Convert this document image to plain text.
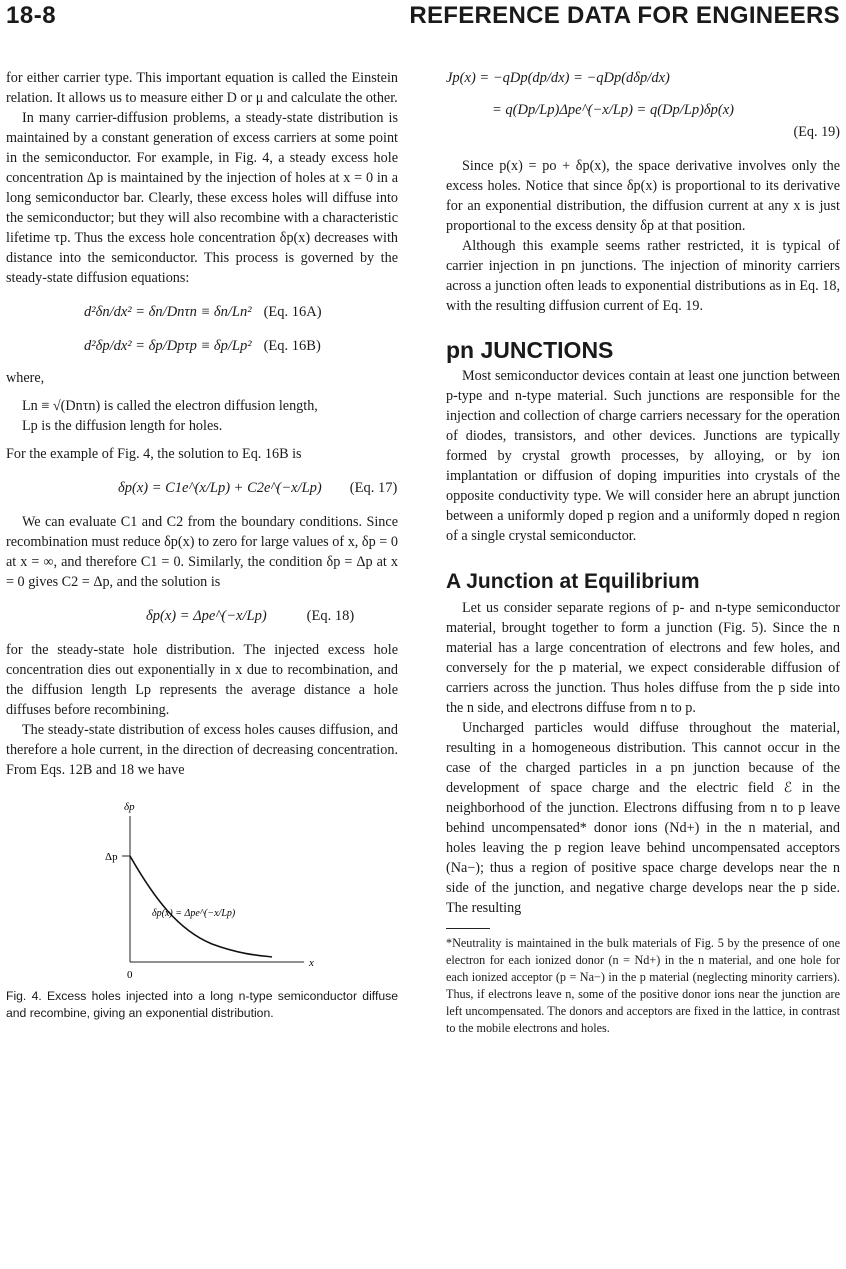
18-8	REFERENCE DATA FOR ENGINEERS

for either carrier type. This important equation is called the Einstein relation. It allows us to measure either D or μ and calculate the other.

In many carrier-diffusion problems, a steady-state distribution is maintained by a constant generation of excess carriers at some point in the semiconductor. For example, in Fig. 4, a steady excess hole concentration Δp is maintained by the injection of holes at x = 0 in a long semiconductor bar. Clearly, these excess holes will diffuse into the semiconductor; but they will also recombine with a characteristic lifetime τp. Thus the excess hole concentration δp(x) decreases with distance into the semiconductor. This process is governed by the steady-state diffusion equations:

d²δn/dx² = δn/Dnτn ≡ δn/Ln² (Eq. 16A)
d²δp/dx² = δp/Dpτp ≡ δp/Lp² (Eq. 16B)

where,

Ln ≡ √(Dnτn) is called the electron diffusion length,

Lp is the diffusion length for holes.

For the example of Fig. 4, the solution to Eq. 16B is

δp(x) = C1e^(x/Lp) + C2e^(−x/Lp) (Eq. 17)

We can evaluate C1 and C2 from the boundary conditions. Since recombination must reduce δp(x) to zero for large values of x, δp = 0 at x = ∞, and therefore C1 = 0. Similarly, the condition δp = Δp at x = 0 gives C2 = Δp, and the solution is

δp(x) = Δpe^(−x/Lp)	(Eq. 18)

for the steady-state hole distribution. The injected excess hole concentration dies out exponentially in x due to recombination, and the diffusion length Lp represents the average distance a hole diffuses before recombining.

The steady-state distribution of excess holes causes diffusion, and therefore a hole current, in the direction of decreasing concentration. From Eqs. 12B and 18 we have

δp
Δp
δp(x) = Δpe^(−x/Lp)
0
x

Fig. 4. Excess holes injected into a long n-type semiconductor diffuse and recombine, giving an exponential distribution.

Jp(x) = −qDp(dp/dx) = −qDp(dδp/dx)
= q(Dp/Lp)Δpe^(−x/Lp) = q(Dp/Lp)δp(x)
(Eq. 19)

Since p(x) = po + δp(x), the space derivative involves only the excess holes. Notice that since δp(x) is proportional to its derivative for an exponential distribution, the diffusion current at any x is just proportional to the excess density δp at that position.

Although this example seems rather restricted, it is typical of carrier injection in pn junctions. The injection of minority carriers across a junction often leads to exponential distributions as in Eq. 18, with the resulting diffusion current of Eq. 19.

pn JUNCTIONS

Most semiconductor devices contain at least one junction between p-type and n-type material. Such junctions are responsible for the injection and collection of charge carriers necessary for the operation of diodes, transistors, and other devices. Junctions are typically formed by crystal growth processes, by alloying, or by ion implantation or diffusion of doping impurities into crystals of the opposite conductivity type. We will consider here an abrupt junction between a uniformly doped p region and a uniformly doped n region of a single crystal semiconductor.

A Junction at Equilibrium

Let us consider separate regions of p- and n-type semiconductor material, brought together to form a junction (Fig. 5). Since the n material has a large concentration of electrons and few holes, and conversely for the p material, we expect considerable diffusion of carriers across the junction. Thus holes diffuse from the p side into the n side, and electrons diffuse from n to p.

Uncharged particles would diffuse throughout the material, resulting in a homogeneous distribution. This cannot occur in the case of the charged particles in a pn junction because of the development of space charge and the electric field ℰ in the neighborhood of the junction. Electrons diffusing from n to p leave behind uncompensated* donor ions (Nd+) in the n material, and holes leaving the p region leave behind uncompensated acceptors (Na−); thus a region of positive space charge develops near the n side of the junction, and negative charge develops near the p side. The resulting

*Neutrality is maintained in the bulk materials of Fig. 5 by the presence of one electron for each ionized donor (n = Nd+) in the n material, and one hole for each ionized acceptor (p = Na−) in the p material (neglecting minority carriers). Thus, if electrons leave n, some of the positive donor ions near the junction are left uncompensated. The donors and acceptors are fixed in the lattice, in contrast to the mobile electrons and holes.
